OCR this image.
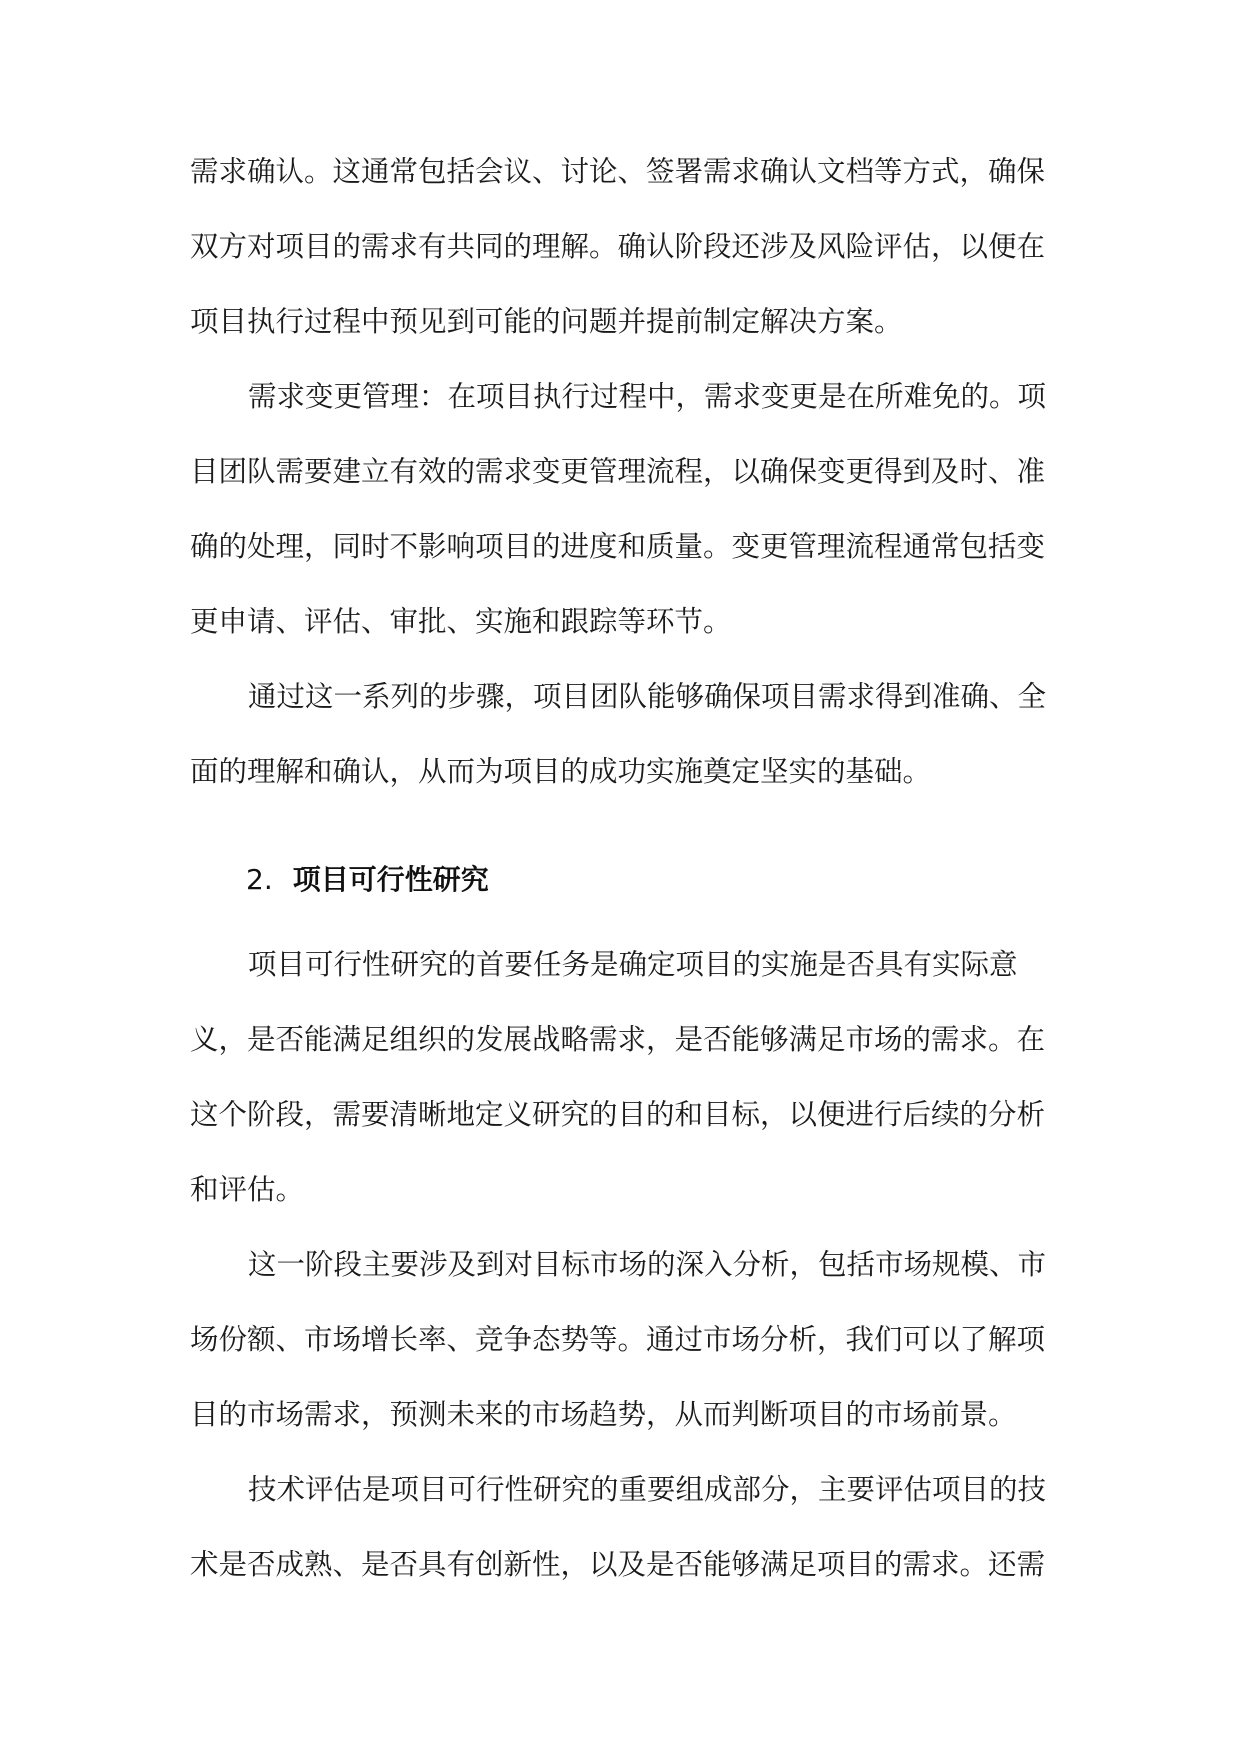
需求确认。这通常包括会议、讨论、签署需求确认文档等方式，确保
双方对项目的需求有共同的理解。确认阶段还涉及风险评估，以便在
项目执行过程中预见到可能的问题并提前制定解决方案。
需求变更管理：在项目执行过程中，需求变更是在所难免的。项
目团队需要建立有效的需求变更管理流程，以确保变更得到及时、准
确的处理，同时不影响项目的进度和质量。变更管理流程通常包括变
更申请、评估、审批、实施和跟踪等环节。
通过这一系列的步骤，项目团队能够确保项目需求得到准确、全
面的理解和确认，从而为项目的成功实施奠定坚实的基础。
2. 项目可行性研究
项目可行性研究的首要任务是确定项目的实施是否具有实际意
义，是否能满足组织的发展战略需求，是否能够满足市场的需求。在
这个阶段，需要清晰地定义研究的目的和目标，以便进行后续的分析
和评估。
这一阶段主要涉及到对目标市场的深入分析，包括市场规模、市
场份额、市场增长率、竞争态势等。通过市场分析，我们可以了解项
目的市场需求，预测未来的市场趋势，从而判断项目的市场前景。
技术评估是项目可行性研究的重要组成部分，主要评估项目的技
术是否成熟、是否具有创新性，以及是否能够满足项目的需求。还需
